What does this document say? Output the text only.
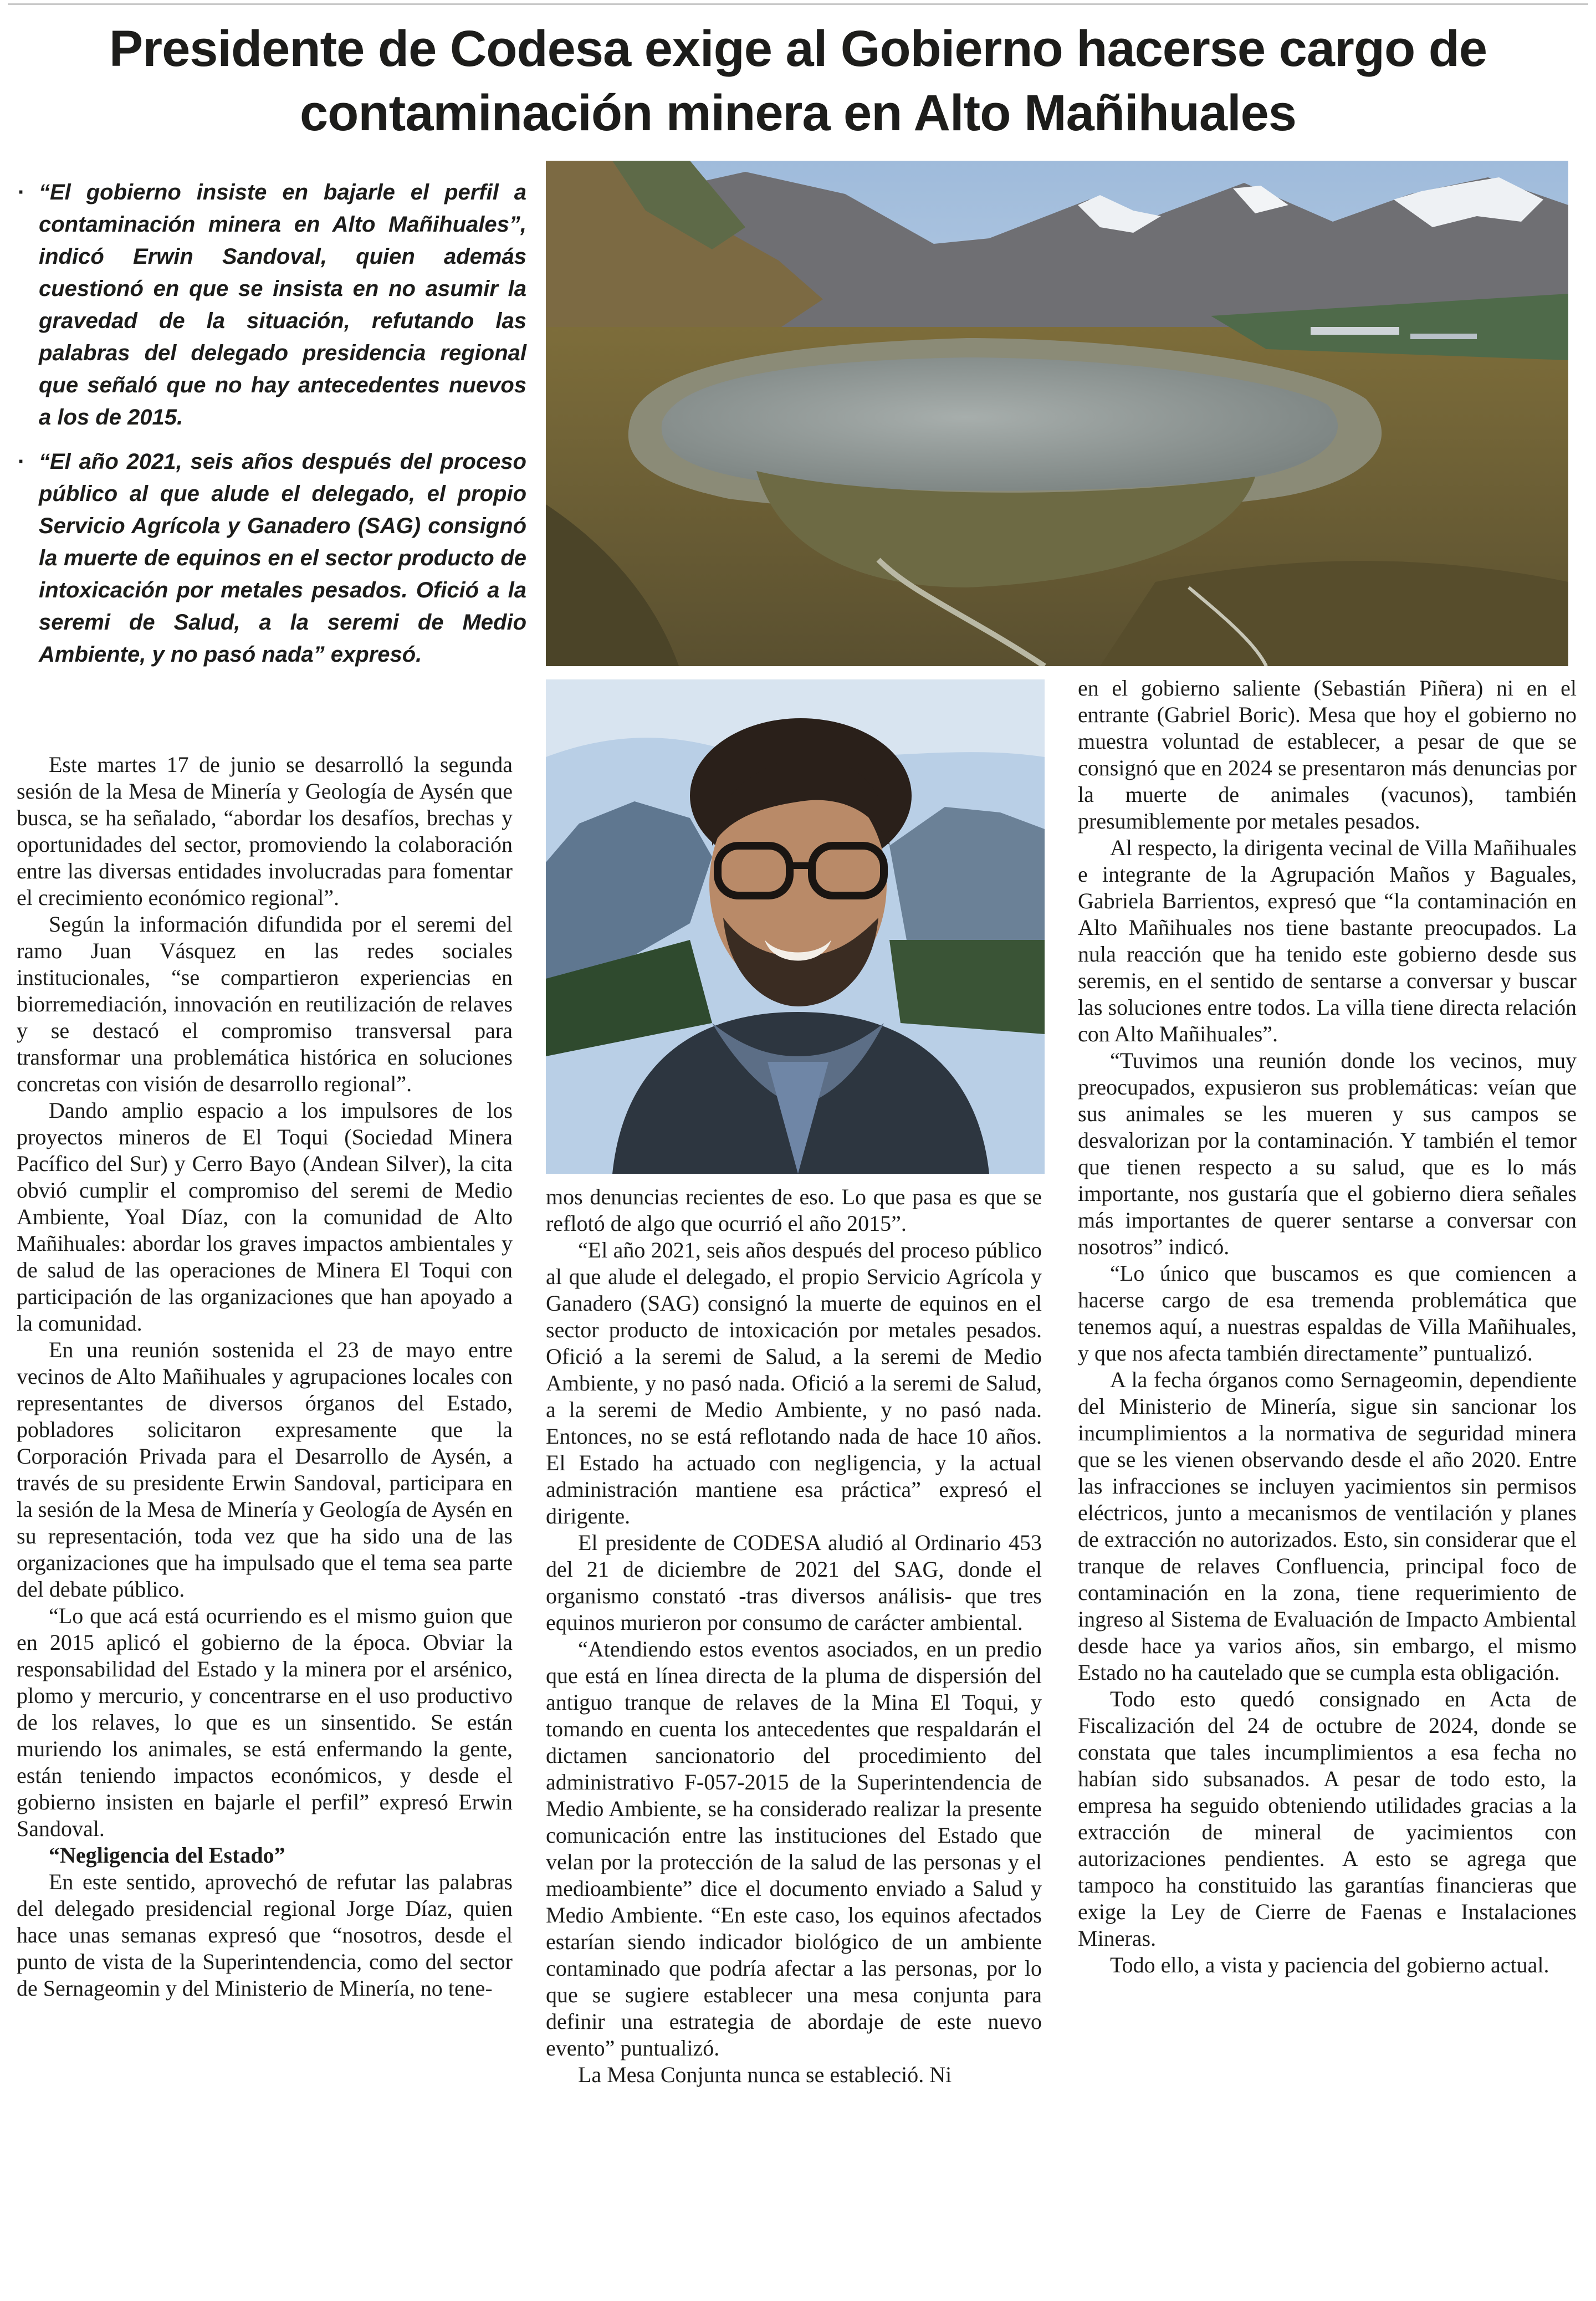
Presidente de Codesa exige al Gobierno hacerse cargo de
contaminación minera en Alto Mañihuales
· “El gobierno insiste en bajarle el perfil a contaminación minera en Alto Mañihuales”, indicó Erwin Sandoval, quien además cuestionó en que se insista en no asumir la gravedad de la situación, refutando las palabras del delegado presidencia regional que señaló que no hay antecedentes nuevos a los de 2015.
· “El año 2021, seis años después del proceso público al que alude el delegado, el propio Servicio Agrícola y Ganadero (SAG) consignó la muerte de equinos en el sector producto de intoxicación por metales pesados. Ofició a la seremi de Salud, a la seremi de Medio Ambiente, y no pasó nada” expresó.

Este martes 17 de junio se desarrolló la segunda sesión de la Mesa de Minería y Geología de Aysén que busca, se ha señalado, “abordar los desafíos, brechas y oportunidades del sector, promoviendo la colaboración entre las diversas entidades involucradas para fomentar el crecimiento económico regional”.

Según la información difundida por el seremi del ramo Juan Vásquez en las redes sociales institucionales, “se compartieron experiencias en biorremediación, innovación en reutilización de relaves y se destacó el compromiso transversal para transformar una problemática histórica en soluciones concretas con visión de desarrollo regional”.

Dando amplio espacio a los impulsores de los proyectos mineros de El Toqui (Sociedad Minera Pacífico del Sur) y Cerro Bayo (Andean Silver), la cita obvió cumplir el compromiso del seremi de Medio Ambiente, Yoal Díaz, con la comunidad de Alto Mañihuales: abordar los graves impactos ambientales y de salud de las operaciones de Minera El Toqui con participación de las organizaciones que han apoyado a la comunidad.

En una reunión sostenida el 23 de mayo entre vecinos de Alto Mañihuales y agrupaciones locales con representantes de diversos órganos del Estado, pobladores solicitaron expresamente que la Corporación Privada para el Desarrollo de Aysén, a través de su presidente Erwin Sandoval, participara en la sesión de la Mesa de Minería y Geología de Aysén en su representación, toda vez que ha sido una de las organizaciones que ha impulsado que el tema sea parte del debate público.

“Lo que acá está ocurriendo es el mismo guion que en 2015 aplicó el gobierno de la época. Obviar la responsabilidad del Estado y la minera por el arsénico, plomo y mercurio, y concentrarse en el uso productivo de los relaves, lo que es un sinsentido. Se están muriendo los animales, se está enfermando la gente, están teniendo impactos económicos, y desde el gobierno insisten en bajarle el perfil” expresó Erwin Sandoval.

“Negligencia del Estado”

En este sentido, aprovechó de refutar las palabras del delegado presidencial regional Jorge Díaz, quien hace unas semanas expresó que “nosotros, desde el punto de vista de la Superintendencia, como del sector de Sernageomin y del Ministerio de Minería, no tene-

mos denuncias recientes de eso. Lo que pasa es que se reflotó de algo que ocurrió el año 2015”.

“El año 2021, seis años después del proceso público al que alude el delegado, el propio Servicio Agrícola y Ganadero (SAG) consignó la muerte de equinos en el sector producto de intoxicación por metales pesados. Ofició a la seremi de Salud, a la seremi de Medio Ambiente, y no pasó nada. Ofició a la seremi de Salud, a la seremi de Medio Ambiente, y no pasó nada. Entonces, no se está reflotando nada de hace 10 años. El Estado ha actuado con negligencia, y la actual administración mantiene esa práctica” expresó el dirigente.

El presidente de CODESA aludió al Ordinario 453 del 21 de diciembre de 2021 del SAG, donde el organismo constató -tras diversos análisis- que tres equinos murieron por consumo de carácter ambiental.

“Atendiendo estos eventos asociados, en un predio que está en línea directa de la pluma de dispersión del antiguo tranque de relaves de la Mina El Toqui, y tomando en cuenta los antecedentes que respaldarán el dictamen sancionatorio del procedimiento del administrativo F-057-2015 de la Superintendencia de Medio Ambiente, se ha considerado realizar la presente comunicación entre las instituciones del Estado que velan por la protección de la salud de las personas y el medioambiente” dice el documento enviado a Salud y Medio Ambiente. “En este caso, los equinos afectados estarían siendo indicador biológico de un ambiente contaminado que podría afectar a las personas, por lo que se sugiere establecer una mesa conjunta para definir una estrategia de abordaje de este nuevo evento” puntualizó.

La Mesa Conjunta nunca se estableció. Ni

en el gobierno saliente (Sebastián Piñera) ni en el entrante (Gabriel Boric). Mesa que hoy el gobierno no muestra voluntad de establecer, a pesar de que se consignó que en 2024 se presentaron más denuncias por la muerte de animales (vacunos), también presumiblemente por metales pesados.

Al respecto, la dirigenta vecinal de Villa Mañihuales e integrante de la Agrupación Maños y Baguales, Gabriela Barrientos, expresó que “la contaminación en Alto Mañihuales nos tiene bastante preocupados. La nula reacción que ha tenido este gobierno desde sus seremis, en el sentido de sentarse a conversar y buscar las soluciones entre todos. La villa tiene directa relación con Alto Mañihuales”.

“Tuvimos una reunión donde los vecinos, muy preocupados, expusieron sus problemáticas: veían que sus animales se les mueren y sus campos se desvalorizan por la contaminación. Y también el temor que tienen respecto a su salud, que es lo más importante, nos gustaría que el gobierno diera señales más importantes de querer sentarse a conversar con nosotros” indicó.

“Lo único que buscamos es que comiencen a hacerse cargo de esa tremenda problemática que tenemos aquí, a nuestras espaldas de Villa Mañihuales, y que nos afecta también directamente” puntualizó.

A la fecha órganos como Sernageomin, dependiente del Ministerio de Minería, sigue sin sancionar los incumplimientos a la normativa de seguridad minera que se les vienen observando desde el año 2020. Entre las infracciones se incluyen yacimientos sin permisos eléctricos, junto a mecanismos de ventilación y planes de extracción no autorizados. Esto, sin considerar que el tranque de relaves Confluencia, principal foco de contaminación en la zona, tiene requerimiento de ingreso al Sistema de Evaluación de Impacto Ambiental desde hace ya varios años, sin embargo, el mismo Estado no ha cautelado que se cumpla esta obligación.

Todo esto quedó consignado en Acta de Fiscalización del 24 de octubre de 2024, donde se constata que tales incumplimientos a esa fecha no habían sido subsanados. A pesar de todo esto, la empresa ha seguido obteniendo utilidades gracias a la extracción de mineral de yacimientos con autorizaciones pendientes. A esto se agrega que tampoco ha constituido las garantías financieras que exige la Ley de Cierre de Faenas e Instalaciones Mineras.

Todo ello, a vista y paciencia del gobierno actual.
